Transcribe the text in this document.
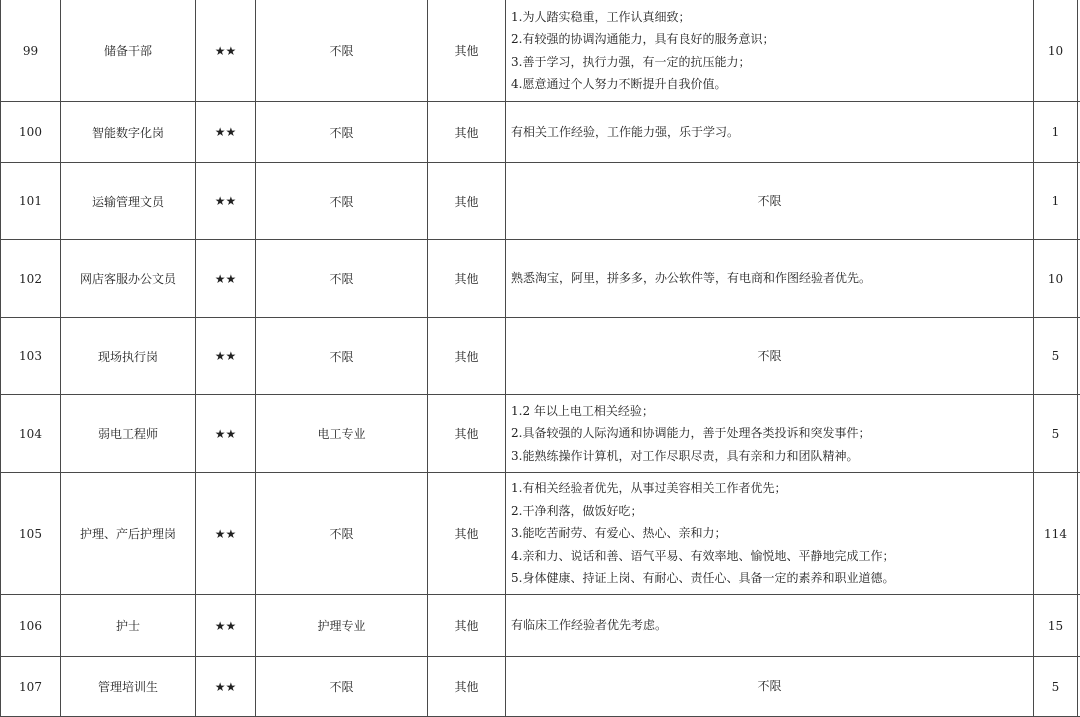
99	储备干部	★★	不限	其他	1.为人踏实稳重，工作认真细致；
2.有较强的协调沟通能力，具有良好的服务意识；
3.善于学习，执行力强，有一定的抗压能力；
4.愿意通过个人努力不断提升自我价值。	10	
100	智能数字化岗	★★	不限	其他	有相关工作经验，工作能力强，乐于学习。	1	
101	运输管理文员	★★	不限	其他	不限	1	
102	网店客服办公文员	★★	不限	其他	熟悉淘宝，阿里，拼多多，办公软件等，有电商和作图经验者优先。	10	
103	现场执行岗	★★	不限	其他	不限	5	
104	弱电工程师	★★	电工专业	其他	1.2 年以上电工相关经验；
2.具备较强的人际沟通和协调能力，善于处理各类投诉和突发事件；
3.能熟练操作计算机，对工作尽职尽责，具有亲和力和团队精神。	5	
105	护理、产后护理岗	★★	不限	其他	1.有相关经验者优先，从事过美容相关工作者优先；
2.干净利落，做饭好吃；
3.能吃苦耐劳、有爱心、热心、亲和力；
4.亲和力、说话和善、语气平易、有效率地、愉悦地、平静地完成工作；
5.身体健康、持证上岗、有耐心、责任心、具备一定的素养和职业道德。	114	
106	护士	★★	护理专业	其他	有临床工作经验者优先考虑。	15	
107	管理培训生	★★	不限	其他	不限	5	
